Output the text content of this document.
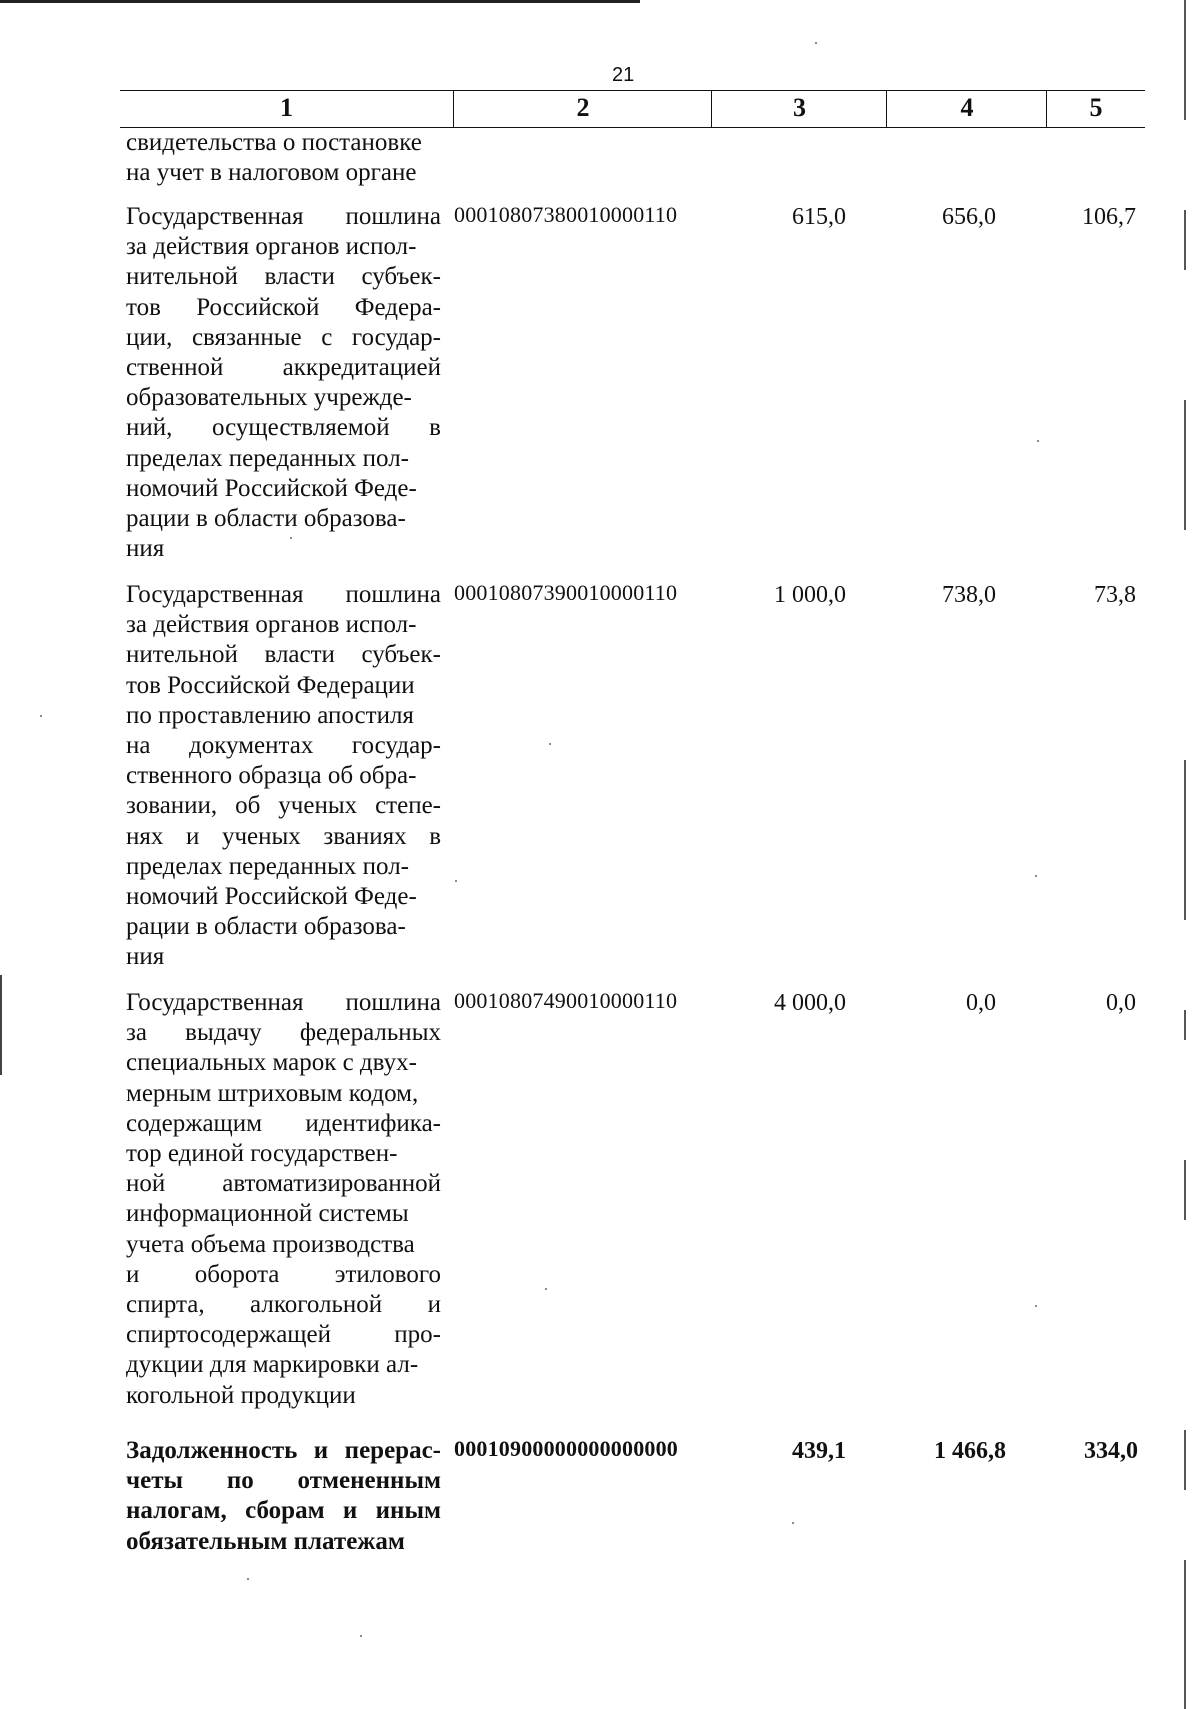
21
1	2	3	4	5
свидетельства о постановке
на учет в налоговом органе
Государственная пошлина
за действия органов испол-
нительной власти субъек-
тов Российской Федера-
ции, связанные с государ-
ственной аккредитацией
образовательных учрежде-
ний, осуществляемой в
пределах переданных пол-
номочий Российской Феде-
рации в области образова-
ния
00010807380010000110	615,0	656,0	106,7
Государственная пошлина
за действия органов испол-
нительной власти субъек-
тов Российской Федерации
по проставлению апостиля
на документах государ-
ственного образца об обра-
зовании, об ученых степе-
нях и ученых званиях в
пределах переданных пол-
номочий Российской Феде-
рации в области образова-
ния
00010807390010000110	1 000,0	738,0	73,8
Государственная пошлина
за выдачу федеральных
специальных марок с двух-
мерным штриховым кодом,
содержащим идентифика-
тор единой государствен-
ной автоматизированной
информационной системы
учета объема производства
и оборота этилового
спирта, алкогольной и
спиртосодержащей про-
дукции для маркировки ал-
когольной продукции
00010807490010000110	4 000,0	0,0	0,0
Задолженность и перерас-
четы по отмененным
налогам, сборам и иным
обязательным платежам
00010900000000000000	439,1	1 466,8	334,0
